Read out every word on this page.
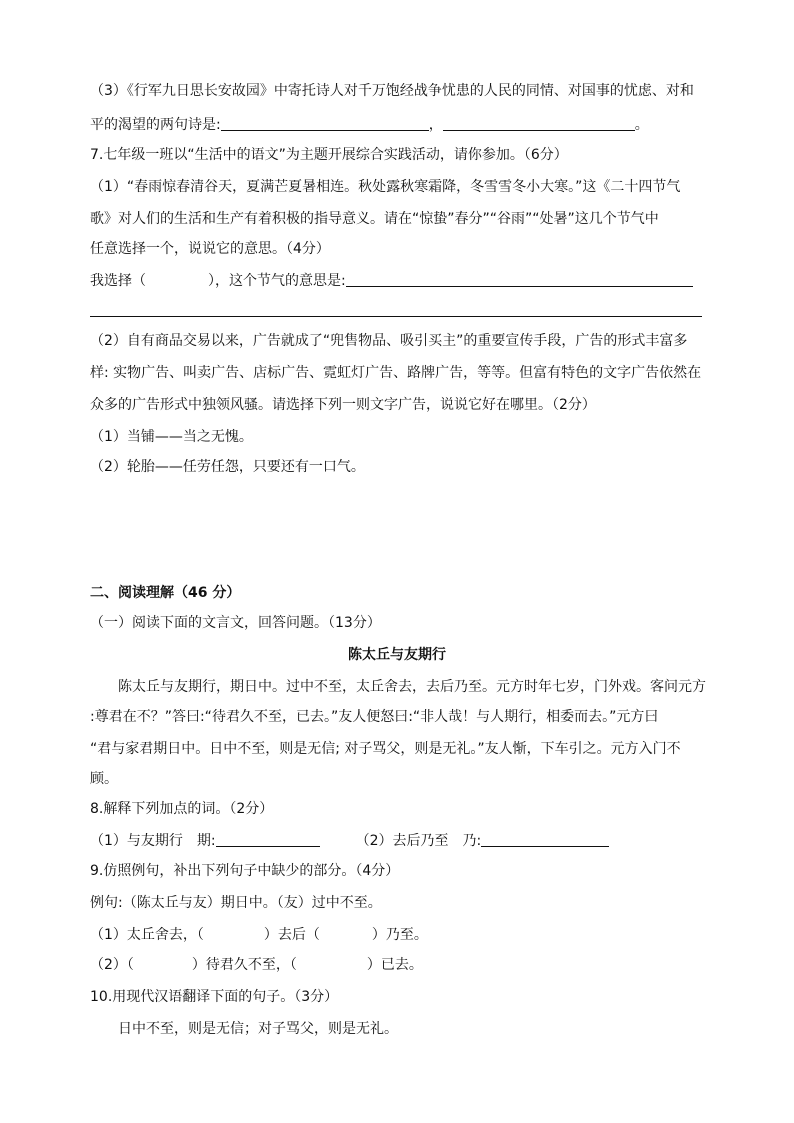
（3）《行军九日思长安故园》中寄托诗人对千万饱经战争忧患的人民的同情、对国事的忧虑、对和
平的渴望的两句诗是:	，	。
7.七年级一班以“生活中的语文”为主题开展综合实践活动，请你参加。（6分）
（1）“春雨惊春清谷天，夏满芒夏暑相连。秋处露秋寒霜降，冬雪雪冬小大寒。”这《二十四节气
歌》对人们的生活和生产有着积极的指导意义。请在“惊蛰”春分”“谷雨”“处暑”这几个节气中
任意选择一个，说说它的意思。（4分）
我选择（	），这个节气的意思是:
（2）自有商品交易以来，广告就成了“兜售物品、吸引买主”的重要宣传手段，广告的形式丰富多
样: 实物广告、叫卖广告、店标广告、霓虹灯广告、路牌广告，等等。但富有特色的文字广告依然在
众多的广告形式中独领风骚。请选择下列一则文字广告，说说它好在哪里。（2分）
（1）当铺——当之无愧。
（2）轮胎——任劳任怨，只要还有一口气。
二、阅读理解（46 分）
（一）阅读下面的文言文，回答问题。（13分）
陈太丘与友期行
陈太丘与友期行，期日中。过中不至，太丘舍去，去后乃至。元方时年七岁，门外戏。客问元方
:尊君在不？”答曰:“待君久不至，已去。”友人便怒曰:“非人哉！与人期行，相委而去。”元方曰
“君与家君期日中。日中不至，则是无信; 对子骂父，则是无礼。”友人惭，下车引之。元方入门不
顾。
8.解释下列加点的词。（2分）
（1）与友期行　期:	（2）去后乃至　乃:
9.仿照例句，补出下列句子中缺少的部分。（4分）
例句:（陈太丘与友）期日中。（友）过中不至。
（1）太丘舍去，（	）去后（	）乃至。
（2）（	）待君久不至，（	）已去。
10.用现代汉语翻译下面的句子。（3分）
日中不至，则是无信；对子骂父，则是无礼。
